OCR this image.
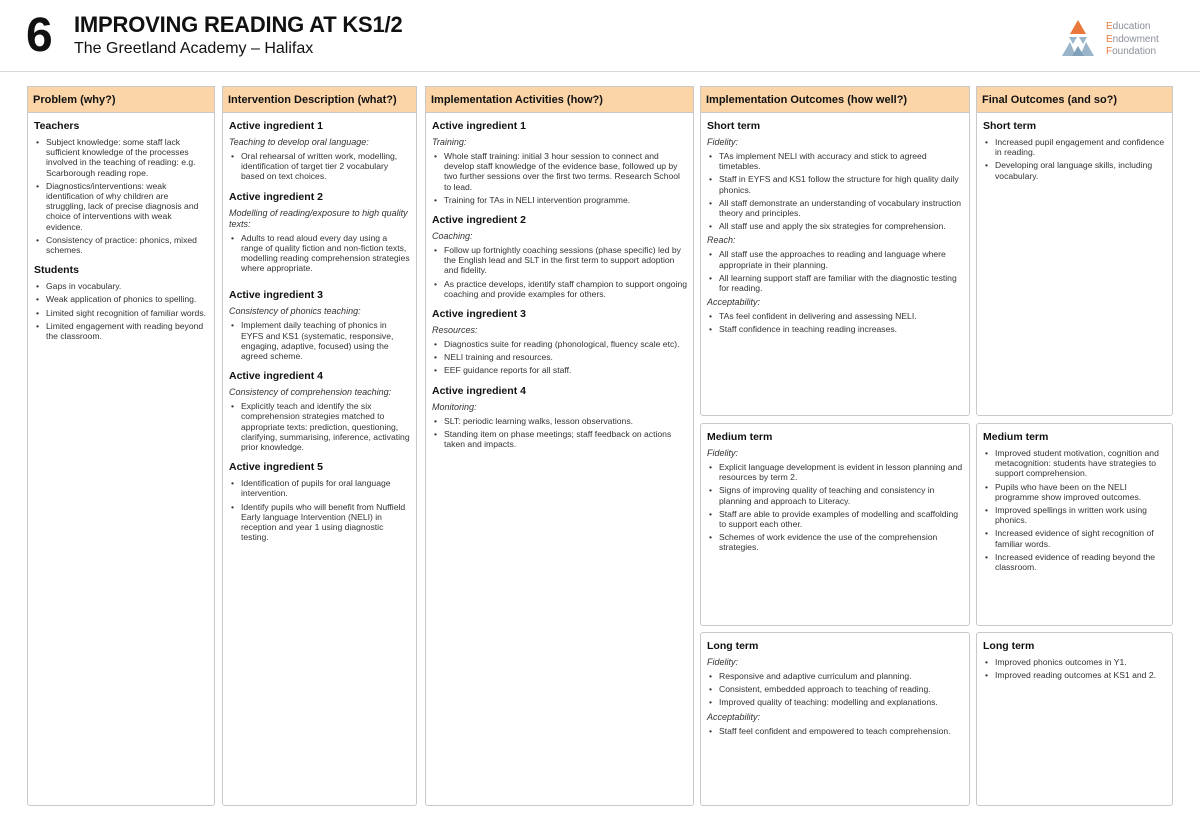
6 IMPROVING READING AT KS1/2
The Greetland Academy – Halifax
Education
Endowment
Foundation
Problem (why?)
Teachers
• Subject knowledge: some staff lack sufficient knowledge of the processes involved in the teaching of reading: e.g. Scarborough reading rope.
• Diagnostics/interventions: weak identification of why children are struggling, lack of precise diagnosis and choice of interventions with weak evidence.
• Consistency of practice: phonics, mixed schemes.
Students
• Gaps in vocabulary.
• Weak application of phonics to spelling.
• Limited sight recognition of familiar words.
• Limited engagement with reading beyond the classroom.
Intervention Description (what?)
Active ingredient 1
Teaching to develop oral language:
• Oral rehearsal of written work, modelling, identification of target tier 2 vocabulary based on text choices.
Active ingredient 2
Modelling of reading/exposure to high quality texts:
• Adults to read aloud every day using a range of quality fiction and non-fiction texts, modelling reading comprehension strategies where appropriate.
Active ingredient 3
Consistency of phonics teaching:
• Implement daily teaching of phonics in EYFS and KS1 (systematic, responsive, engaging, adaptive, focused) using the agreed scheme.
Active ingredient 4
Consistency of comprehension teaching:
• Explicitly teach and identify the six comprehension strategies matched to appropriate texts: prediction, questioning, clarifying, summarising, inference, activating prior knowledge.
Active ingredient 5
• Identification of pupils for oral language intervention.
• Identify pupils who will benefit from Nuffield Early language Intervention (NELI) in reception and year 1 using diagnostic testing.
Implementation Activities (how?)
Active ingredient 1
Training:
• Whole staff training: initial 3 hour session to connect and develop staff knowledge of the evidence base, followed up by two further sessions over the first two terms. Research School to lead.
• Training for TAs in NELI intervention programme.
Active ingredient 2
Coaching:
• Follow up fortnightly coaching sessions (phase specific) led by the English lead and SLT in the first term to support adoption and fidelity.
• As practice develops, identify staff champion to support ongoing coaching and provide examples for others.
Active ingredient 3
Resources:
• Diagnostics suite for reading (phonological, fluency scale etc).
• NELI training and resources.
• EEF guidance reports for all staff.
Active ingredient 4
Monitoring:
• SLT: periodic learning walks, lesson observations.
• Standing item on phase meetings; staff feedback on actions taken and impacts.
Implementation Outcomes (how well?)
Short term
Fidelity:
• TAs implement NELI with accuracy and stick to agreed timetables.
• Staff in EYFS and KS1 follow the structure for high quality daily phonics.
• All staff demonstrate an understanding of vocabulary instruction theory and principles.
• All staff use and apply the six strategies for comprehension.
Reach:
• All staff use the approaches to reading and language where appropriate in their planning.
• All learning support staff are familiar with the diagnostic testing for reading.
Acceptability:
• TAs feel confident in delivering and assessing NELI.
• Staff confidence in teaching reading increases.
Medium term
Fidelity:
• Explicit language development is evident in lesson planning and resources by term 2.
• Signs of improving quality of teaching and consistency in planning and approach to Literacy.
• Staff are able to provide examples of modelling and scaffolding to support each other.
• Schemes of work evidence the use of the comprehension strategies.
Long term
Fidelity:
• Responsive and adaptive curriculum and planning.
• Consistent, embedded approach to teaching of reading.
• Improved quality of teaching: modelling and explanations.
Acceptability:
• Staff feel confident and empowered to teach comprehension.
Final Outcomes (and so?)
Short term
• Increased pupil engagement and confidence in reading.
• Developing oral language skills, including vocabulary.
Medium term
• Improved student motivation, cognition and metacognition: students have strategies to support comprehension.
• Pupils who have been on the NELI programme show improved outcomes.
• Improved spellings in written work using phonics.
• Increased evidence of sight recognition of familiar words.
• Increased evidence of reading beyond the classroom.
Long term
• Improved phonics outcomes in Y1.
• Improved reading outcomes at KS1 and 2.
